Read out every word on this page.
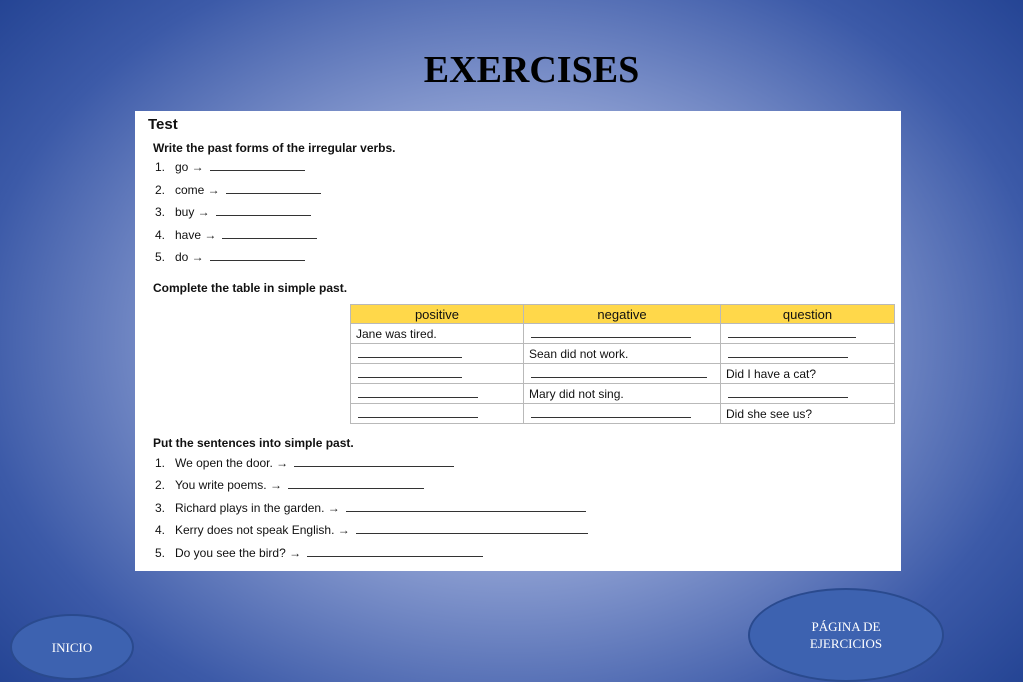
EXERCISES
Test
Write the past forms of the irregular verbs.
1. go →
2. come →
3. buy →
4. have →
5. do →
Complete the table in simple past.
positive	negative	question
Jane was tired.		
	Sean did not work.	
		Did I have a cat?
	Mary did not sing.	
		Did she see us?
Put the sentences into simple past.
1. We open the door. →
2. You write poems. →
3. Richard plays in the garden. →
4. Kerry does not speak English. →
5. Do you see the bird? →
INICIO
PÁGINA DE
EJERCICIOS
